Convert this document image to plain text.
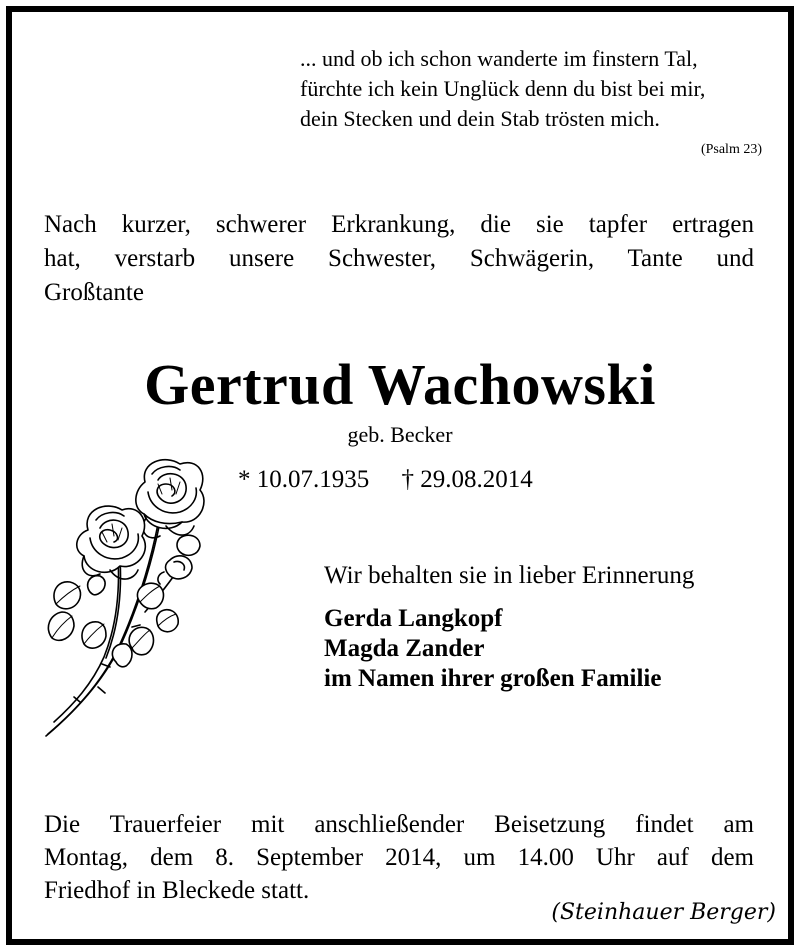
... und ob ich schon wanderte im finstern Tal,
fürchte ich kein Unglück denn du bist bei mir,
dein Stecken und dein Stab trösten mich.
(Psalm 23)
Nach kurzer, schwerer Erkrankung, die sie tapfer ertragen
hat, verstarb unsere Schwester, Schwägerin, Tante und
Großtante
Gertrud Wachowski
geb. Becker
* 10.07.1935 † 29.08.2014
Wir behalten sie in lieber Erinnerung
Gerda Langkopf
Magda Zander
im Namen ihrer großen Familie
Die Trauerfeier mit anschließender Beisetzung findet am
Montag, dem 8. September 2014, um 14.00 Uhr auf dem
Friedhof in Bleckede statt.
(Steinhauer Berger)
